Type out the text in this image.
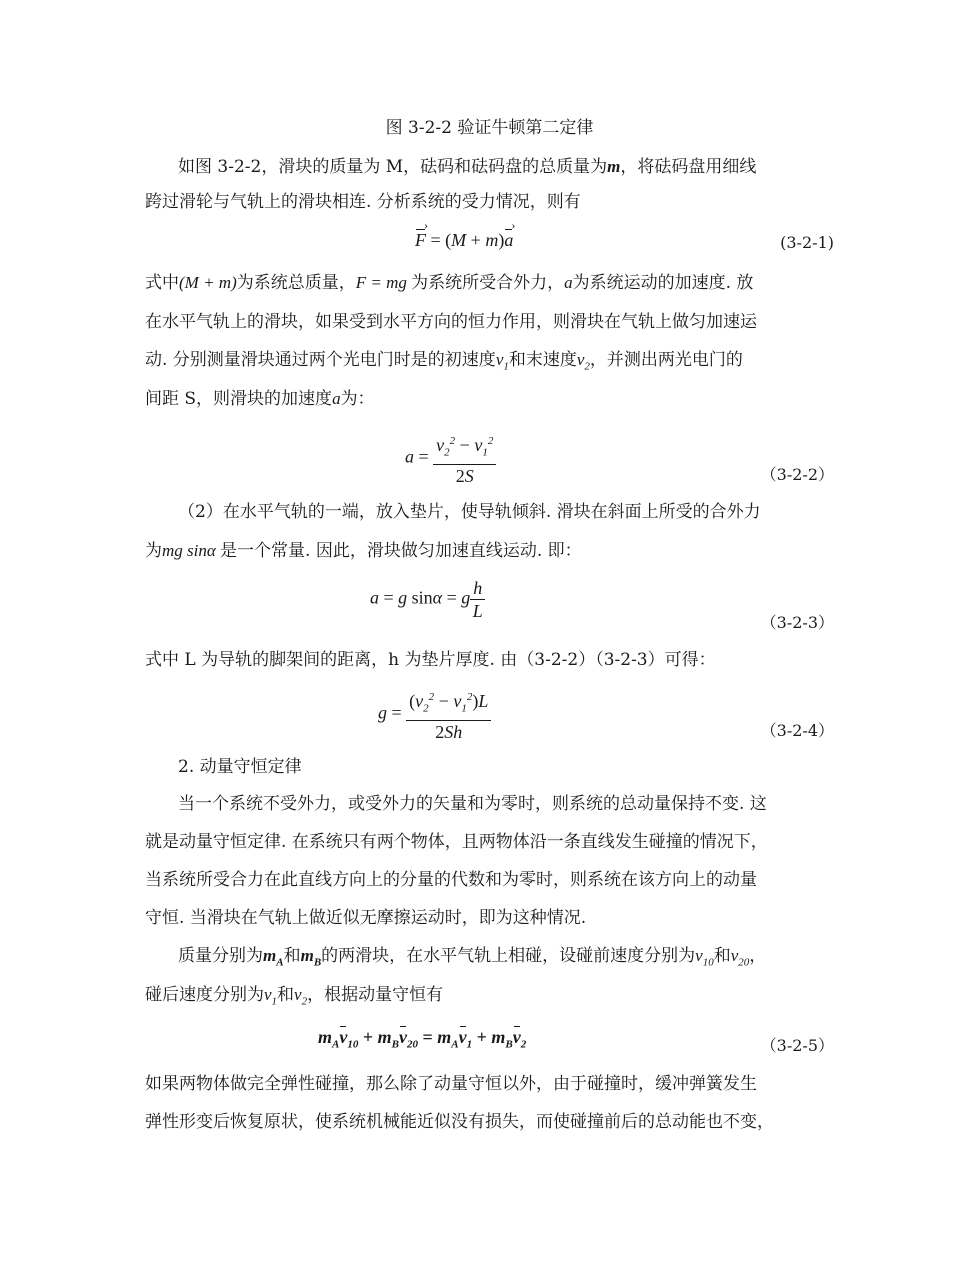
图 3-2-2 验证牛顿第二定律
如图 3-2-2，滑块的质量为 M，砝码和砝码盘的总质量为m，将砝码盘用细线
跨过滑轮与气轨上的滑块相连. 分析系统的受力情况，则有
F › = (M + m)a ›	(3-2-1)
式中(M + m)为系统总质量，F = mg 为系统所受合外力，a为系统运动的加速度. 放
在水平气轨上的滑块，如果受到水平方向的恒力作用，则滑块在气轨上做匀加速运
动. 分别测量滑块通过两个光电门时是的初速度$v_1$和末速度$v_2$，并测出两光电门的
间距 S，则滑块的加速度a为：
$a = \frac{v_2^2 - v_1^2}{2S}$	（3-2-2）
（2）在水平气轨的一端，放入垫片，使导轨倾斜. 滑块在斜面上所受的合外力
为mg sinα 是一个常量. 因此，滑块做匀加速直线运动. 即：
a = g sinα = g $\frac{h}{L}$
（3-2-3）
式中 L 为导轨的脚架间的距离，h 为垫片厚度. 由（3-2-2）（3-2-3）可得：
$g = \frac{(v_2^2 - v_1^2)L}{2Sh}$	（3-2-4）
2. 动量守恒定律
当一个系统不受外力，或受外力的矢量和为零时，则系统的总动量保持不变. 这
就是动量守恒定律. 在系统只有两个物体，且两物体沿一条直线发生碰撞的情况下，
当系统所受合力在此直线方向上的分量的代数和为零时，则系统在该方向上的动量
守恒. 当滑块在气轨上做近似无摩擦运动时，即为这种情况.
质量分别为$m_A$和$m_B$的两滑块，在水平气轨上相碰，设碰前速度分别为$v_{10}$和$v_{20}$，
碰后速度分别为$v_1$和$v_2$，根据动量守恒有
$m_Av_{10} + m_Bv_{20} = m_Av_1 + m_Bv_2$	（3-2-5）
如果两物体做完全弹性碰撞，那么除了动量守恒以外，由于碰撞时，缓冲弹簧发生
弹性形变后恢复原状，使系统机械能近似没有损失，而使碰撞前后的总动能也不变，
